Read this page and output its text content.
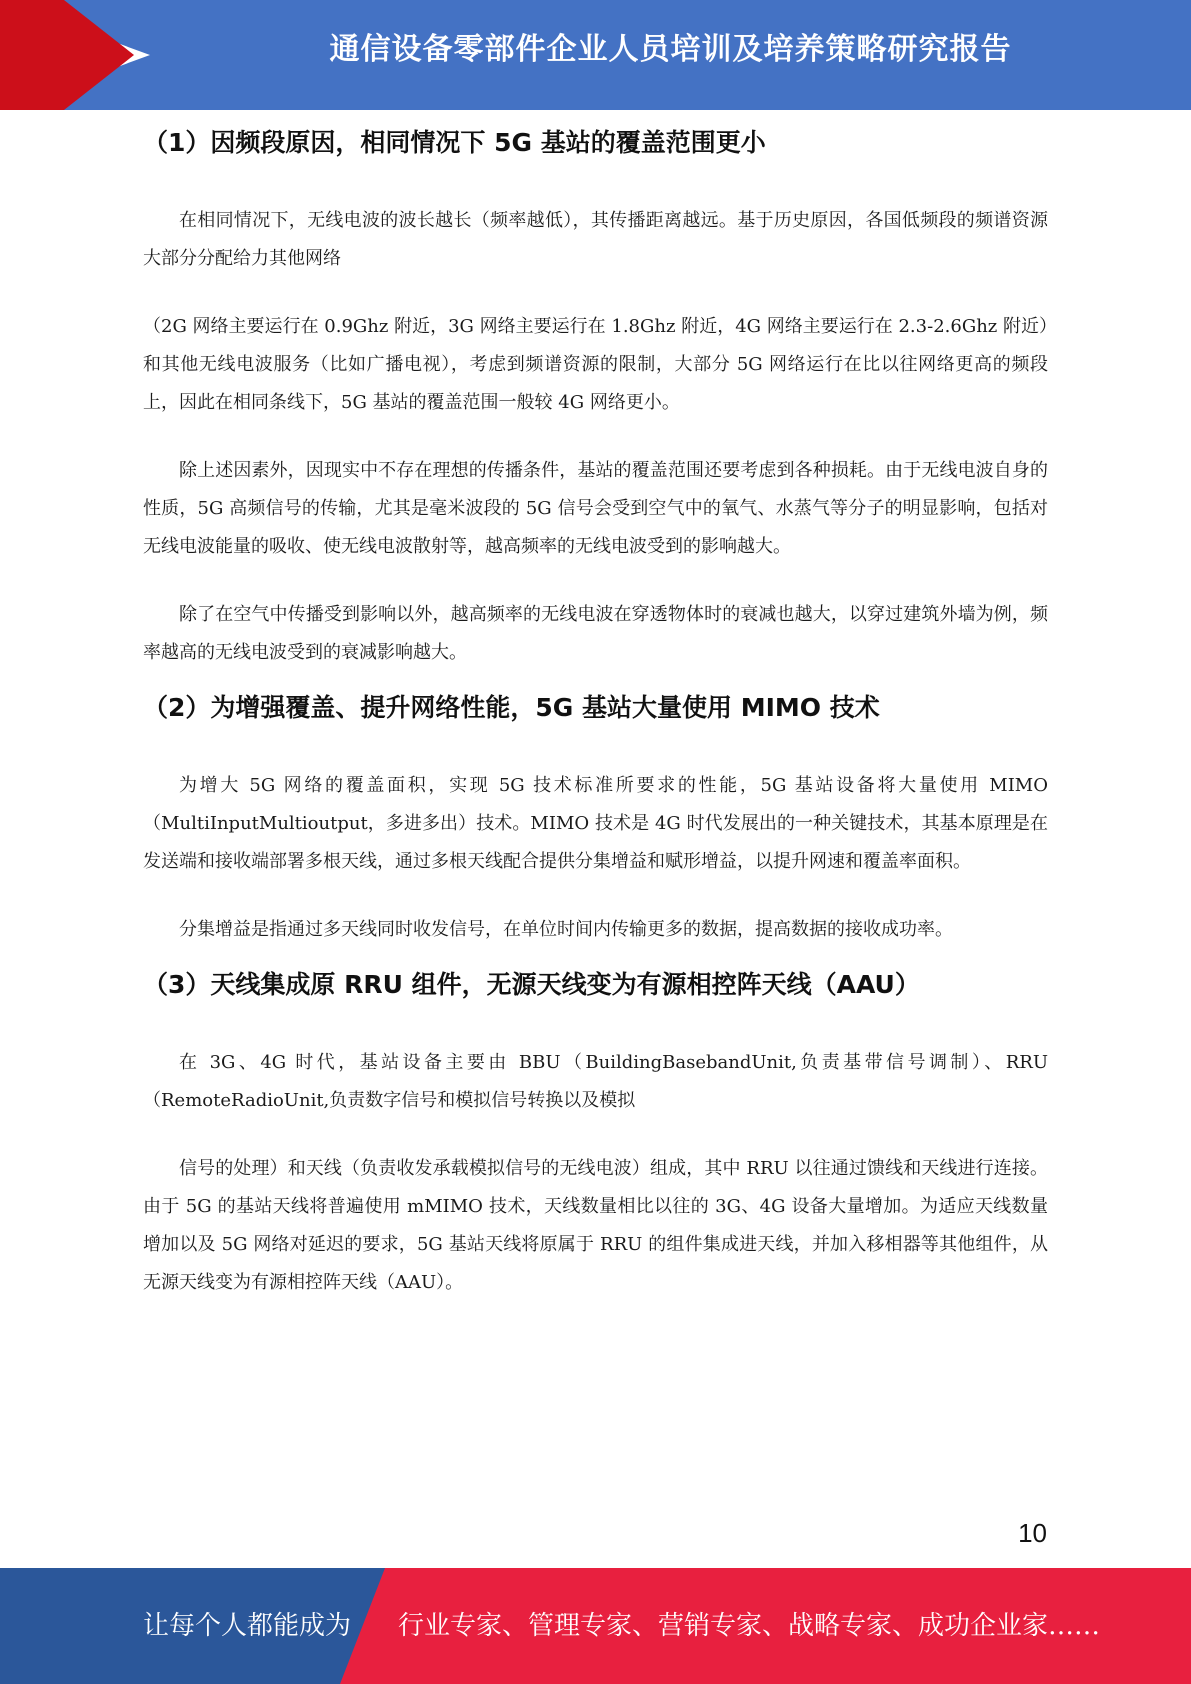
通信设备零部件企业人员培训及培养策略研究报告
（1）因频段原因，相同情况下 5G 基站的覆盖范围更小

在相同情况下，无线电波的波长越长（频率越低），其传播距离越远。基于历史原因，各国低频段的频谱资源大部分分配给力其他网络

（2G 网络主要运行在 0.9Ghz 附近，3G 网络主要运行在 1.8Ghz 附近，4G 网络主要运行在 2.3-2.6Ghz 附近）和其他无线电波服务（比如广播电视），考虑到频谱资源的限制，大部分 5G 网络运行在比以往网络更高的频段上，因此在相同条线下，5G 基站的覆盖范围一般较 4G 网络更小。

除上述因素外，因现实中不存在理想的传播条件，基站的覆盖范围还要考虑到各种损耗。由于无线电波自身的性质，5G 高频信号的传输，尤其是毫米波段的 5G 信号会受到空气中的氧气、水蒸气等分子的明显影响，包括对无线电波能量的吸收、使无线电波散射等，越高频率的无线电波受到的影响越大。

除了在空气中传播受到影响以外，越高频率的无线电波在穿透物体时的衰减也越大，以穿过建筑外墙为例，频率越高的无线电波受到的衰减影响越大。

（2）为增强覆盖、提升网络性能，5G 基站大量使用 MIMO 技术

为增大 5G 网络的覆盖面积，实现 5G 技术标准所要求的性能，5G 基站设备将大量使用 MIMO（MultiInputMultioutput，多进多出）技术。MIMO 技术是 4G 时代发展出的一种关键技术，其基本原理是在发送端和接收端部署多根天线，通过多根天线配合提供分集增益和赋形增益，以提升网速和覆盖率面积。

分集增益是指通过多天线同时收发信号，在单位时间内传输更多的数据，提高数据的接收成功率。

（3）天线集成原 RRU 组件，无源天线变为有源相控阵天线（AAU）

在 3G、4G 时代，基站设备主要由 BBU（BuildingBasebandUnit,负责基带信号调制）、RRU（RemoteRadioUnit,负责数字信号和模拟信号转换以及模拟

信号的处理）和天线（负责收发承载模拟信号的无线电波）组成，其中 RRU 以往通过馈线和天线进行连接。由于 5G 的基站天线将普遍使用 mMIMO 技术，天线数量相比以往的 3G、4G 设备大量增加。为适应天线数量增加以及 5G 网络对延迟的要求，5G 基站天线将原属于 RRU 的组件集成进天线，并加入移相器等其他组件，从无源天线变为有源相控阵天线（AAU）。

10
让每个人都能成为 行业专家、管理专家、营销专家、战略专家、成功企业家……
